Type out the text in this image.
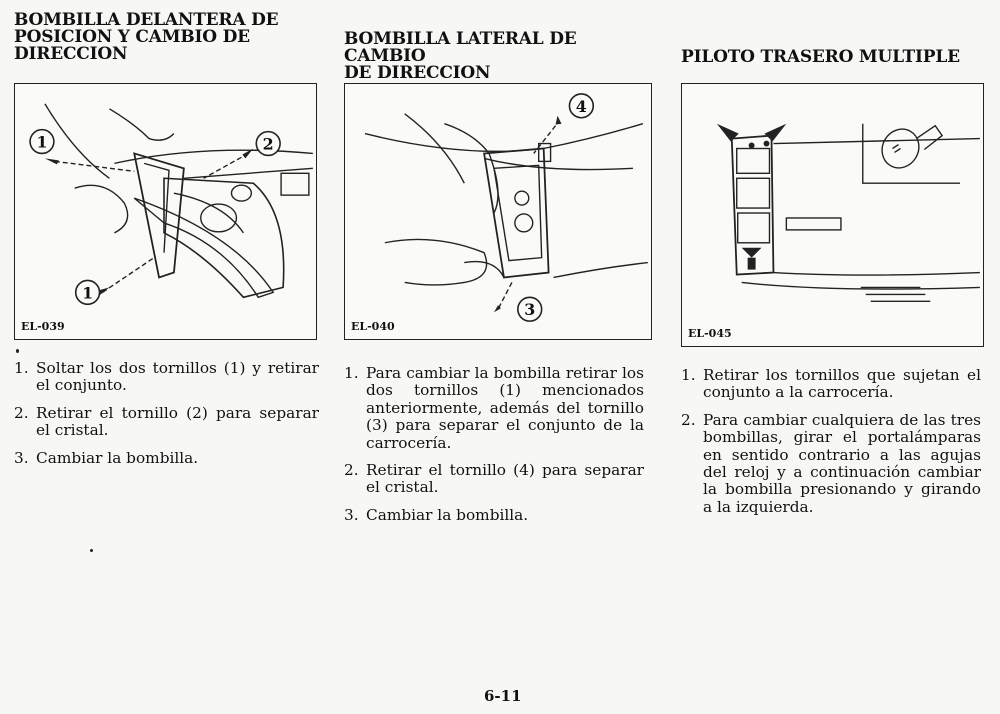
BOMBILLA DELANTERA DE
POSICION Y CAMBIO DE
DIRECCION
1	2
1
EL-039
1. Soltar los dos tornillos (1) y retirar el conjunto.
2. Retirar el tornillo (2) para separar el cristal.
3. Cambiar la bombilla.
BOMBILLA LATERAL DE CAMBIO
DE DIRECCION
4
3
EL-040
1. Para cambiar la bombilla retirar los dos tornillos (1) mencionados anteriormente, además del tornillo (3) para separar el conjunto de la carrocería.
2. Retirar el tornillo (4) para separar el cristal.
3. Cambiar la bombilla.
PILOTO TRASERO MULTIPLE
EL-045
1. Retirar los tornillos que sujetan el conjunto a la carrocería.
2. Para cambiar cualquiera de las tres bombillas, girar el portalámparas en sentido contrario a las agujas del reloj y a continuación cambiar la bombilla presionando y girando a la izquierda.
6-11
